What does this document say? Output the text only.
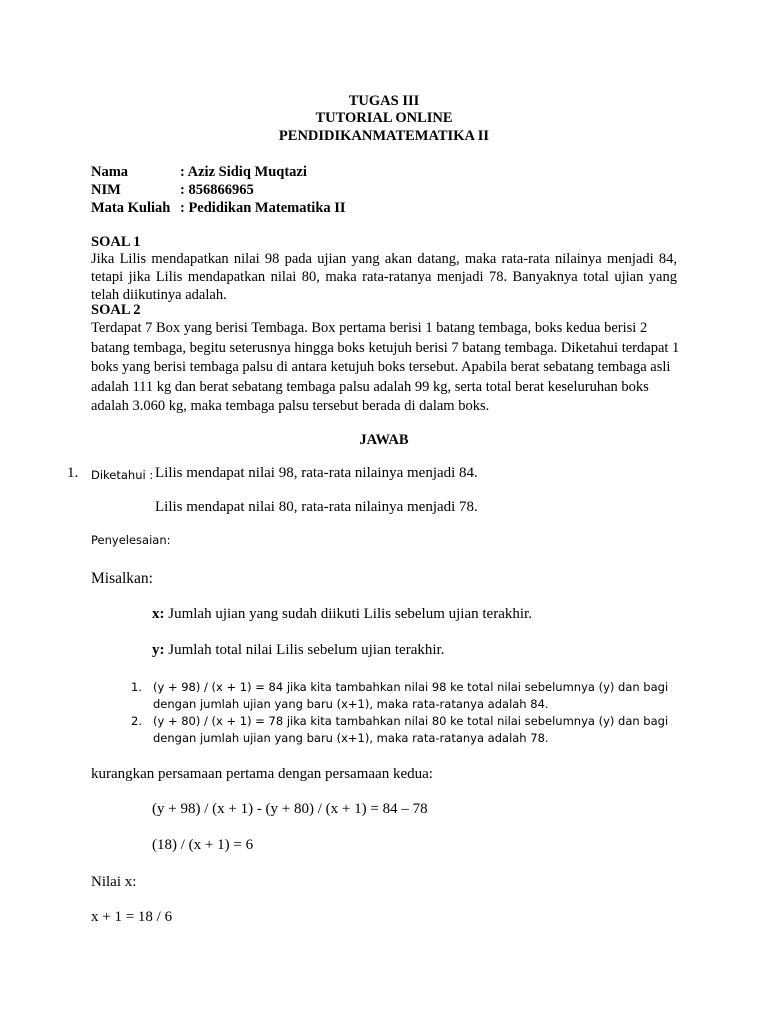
TUGAS III
TUTORIAL ONLINE
PENDIDIKANMATEMATIKA II
Nama	: Aziz Sidiq Muqtazi
NIM	: 856866965
Mata Kuliah : Pedidikan Matematika II
SOAL 1
Jika Lilis mendapatkan nilai 98 pada ujian yang akan datang, maka rata-rata nilainya menjadi 84,
tetapi jika Lilis mendapatkan nilai 80, maka rata-ratanya menjadi 78. Banyaknya total ujian yang
telah diikutinya adalah.
SOAL 2
Terdapat 7 Box yang berisi Tembaga. Box pertama berisi 1 batang tembaga, boks kedua berisi 2
batang tembaga, begitu seterusnya hingga boks ketujuh berisi 7 batang tembaga. Diketahui terdapat 1
boks yang berisi tembaga palsu di antara ketujuh boks tersebut. Apabila berat sebatang tembaga asli
adalah 111 kg dan berat sebatang tembaga palsu adalah 99 kg, serta total berat keseluruhan boks
adalah 3.060 kg, maka tembaga palsu tersebut berada di dalam boks.
JAWAB
1. Diketahui : Lilis mendapat nilai 98, rata-rata nilainya menjadi 84.
Lilis mendapat nilai 80, rata-rata nilainya menjadi 78.
Penyelesaian:
Misalkan:
x: Jumlah ujian yang sudah diikuti Lilis sebelum ujian terakhir.
y: Jumlah total nilai Lilis sebelum ujian terakhir.
1. (y + 98) / (x + 1) = 84 jika kita tambahkan nilai 98 ke total nilai sebelumnya (y) dan bagi
dengan jumlah ujian yang baru (x+1), maka rata-ratanya adalah 84.
2. (y + 80) / (x + 1) = 78 jika kita tambahkan nilai 80 ke total nilai sebelumnya (y) dan bagi
dengan jumlah ujian yang baru (x+1), maka rata-ratanya adalah 78.
kurangkan persamaan pertama dengan persamaan kedua:
(y + 98) / (x + 1) - (y + 80) / (x + 1) = 84 – 78
(18) / (x + 1) = 6
Nilai x:
x + 1 = 18 / 6
